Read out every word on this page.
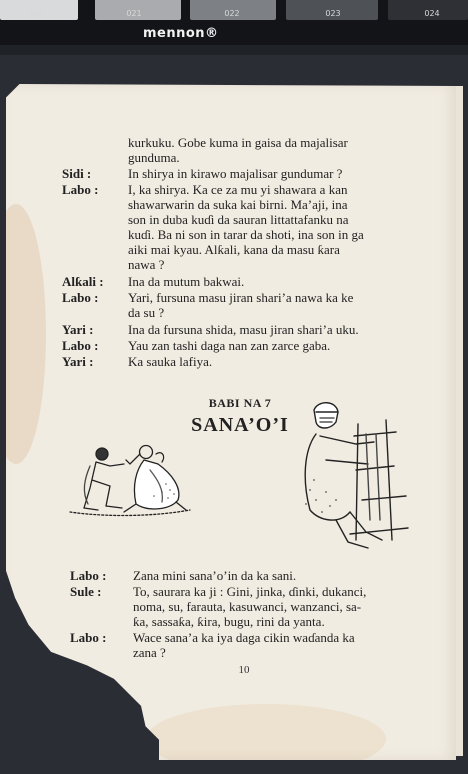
020	021	022	023	024
mennon®
kurkuku. Gobe kuma in gaisa da majalisar
gunduma.
Sidi :	In shirya in kirawo majalisar gundumar ?
Labo :	I, ka shirya. Ka ce za mu yi shawara a kan
shawarwarin da suka kai birni. Ma’aji, ina
son in duba kuɗi da sauran littattafanku na
kuɗi. Ba ni son in tarar da shoti, ina son in ga
aiki mai kyau. Alƙali, kana da masu ƙara
nawa ?
Alƙali :	Ina da mutum bakwai.
Labo :	Yari, fursuna masu jiran shari’a nawa ka ke
da su ?
Yari :	Ina da fursuna shida, masu jiran shari’a uku.
Labo :	Yau zan tashi daga nan zan zarce gaba.
Yari :	Ka sauka lafiya.
BABI NA 7
SANA’O’I
Labo :	Zana mini sana’o’in da ka sani.
Sule :	To, saurara ka ji : Gini, jinka, ɗinki, dukanci,
noma, su, farauta, kasuwanci, wanzanci, sa-
ƙa, sassaƙa, ƙira, bugu, rini da yanta.
Labo :	Wace sana’a ka iya daga cikin waɗanda ka
zana ?
10
